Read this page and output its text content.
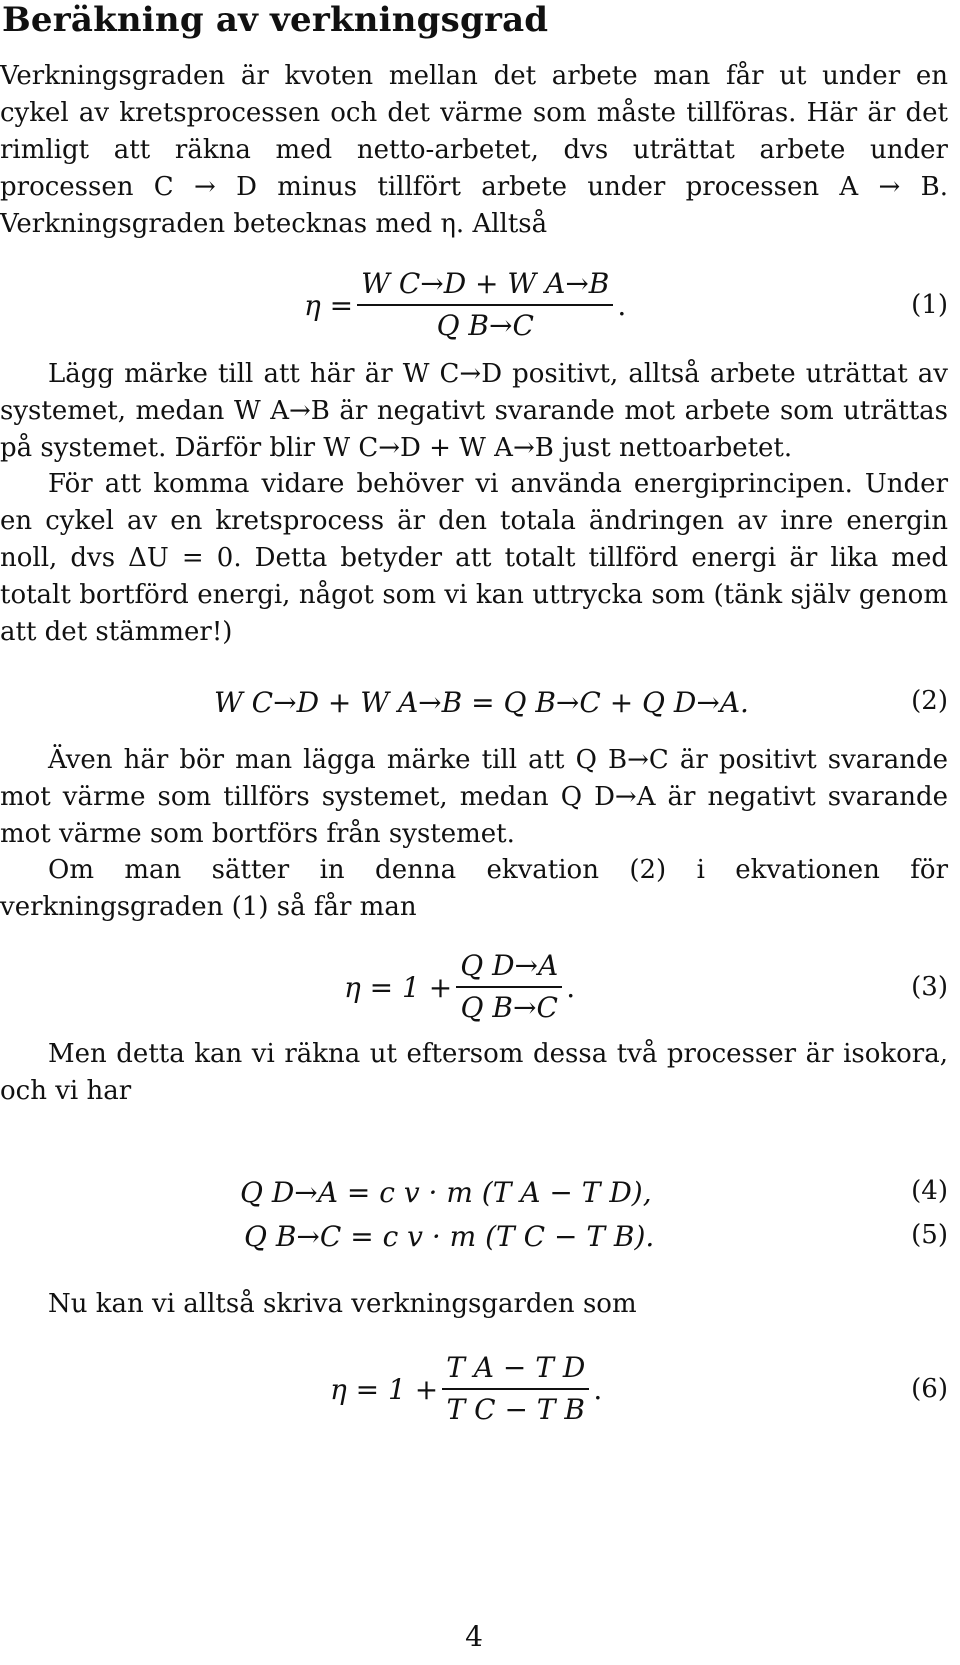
Beräkning av verkningsgrad
Verkningsgraden är kvoten mellan det arbete man får ut under en cykel av kretsprocessen och det värme som måste tillföras. Här är det rimligt att räkna med netto-arbetet, dvs uträttat arbete under processen C → D minus tillfört arbete under processen A → B. Verkningsgraden betecknas med η. Alltså
$\eta = \frac{\text{W C→D + W A→B}}{\text{Q B→C}}$ .	(1)
Lägg märke till att här är W C→D positivt, alltså arbete uträttat av systemet, medan W A→B är negativt svarande mot arbete som uträttas på systemet. Därför blir W C→D + W A→B just nettoarbetet.
För att komma vidare behöver vi använda energiprincipen. Under en cykel av en kretsprocess är den totala ändringen av inre energin noll, dvs ΔU = 0. Detta betyder att totalt tillförd energi är lika med totalt bortförd energi, något som vi kan uttrycka som (tänk själv genom att det stämmer!)
W C→D + W A→B = Q B→C + Q D→A.	(2)
Även här bör man lägga märke till att Q B→C är positivt svarande mot värme som tillförs systemet, medan Q D→A är negativt svarande mot värme som bortförs från systemet.
Om man sätter in denna ekvation (2) i ekvationen för verkningsgraden (1) så får man
$\eta = 1 + \frac{\text{Q D→A}}{\text{Q B→C}}$ .	(3)
Men detta kan vi räkna ut eftersom dessa två processer är isokora, och vi har
Q D→A = c v · m (T A − T D),	(4)
Q B→C = c v · m (T C − T B).	(5)
Nu kan vi alltså skriva verkningsgarden som
$\eta = 1 + \frac{\text{T A − T D}}{\text{T C − T B}}$ .	(6)
4
